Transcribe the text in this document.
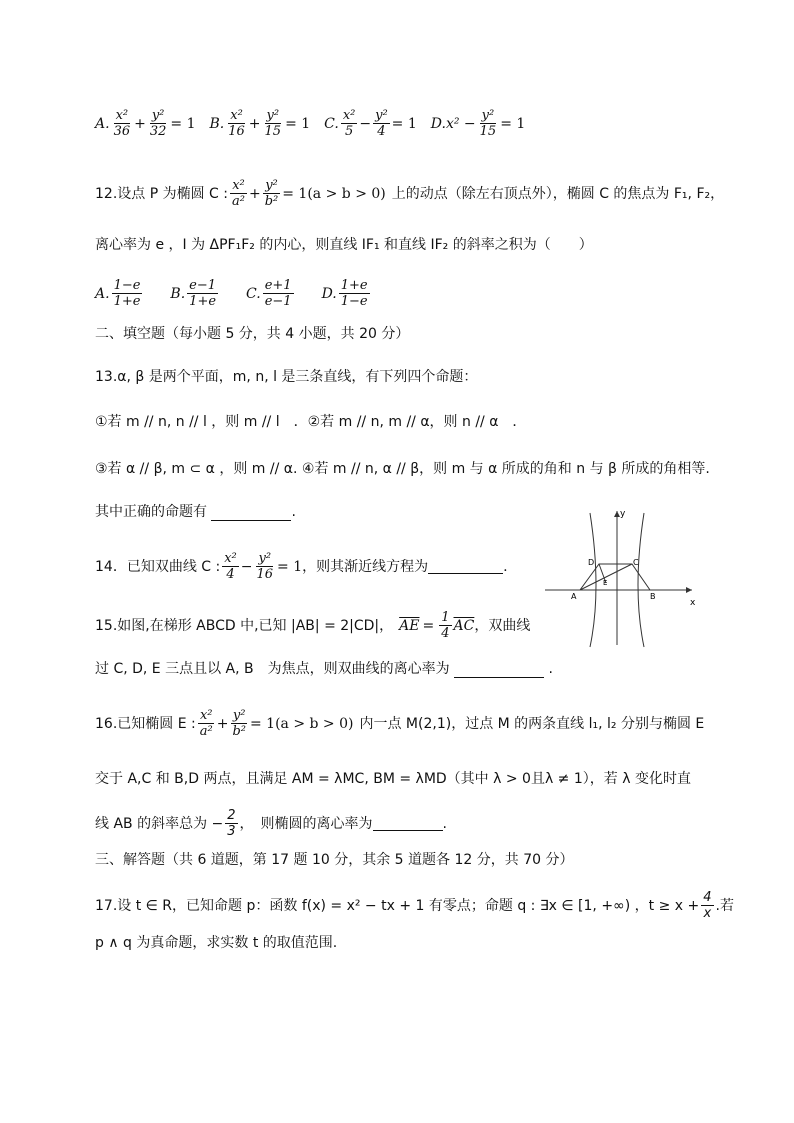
A. $\frac{\text{x²}}{36} + \frac{\text{y²}}{32} = 1$ B. $\frac{\text{x²}}{16} + \frac{\text{y²}}{15} = 1$ C. $\frac{\text{x²}}{5} - \frac{\text{y²}}{4} = 1$ D. $x^2 - \frac{\text{y²}}{15} = 1$
12.设点 P 为椭圆 C : $\frac{\text{x²}}{\text{a²}} + \frac{\text{y²}}{\text{b²}} = 1(a > b > 0)$ 上的动点（除左右顶点外），椭圆 C 的焦点为 F₁, F₂，
离心率为 e ，I 为 ΔPF₁F₂ 的内心，则直线 IF₁ 和直线 IF₂ 的斜率之积为（　　）
A. $\frac{1-e}{1+e} B$. $\frac{e-1}{1+e} C$. $\frac{e+1}{e-1} D$. $\frac{1+e}{1-e}$
二、填空题（每小题 5 分，共 4 小题，共 20 分）
13.α, β 是两个平面，m, n, l 是三条直线，有下列四个命题：
①若 m // n, n // l ，则 m // l　．②若 m // n, m // α，则 n // α　．
③若 α // β, m ⊂ α ，则 m // α. ④若 m // n, α // β，则 m 与 α 所成的角和 n 与 β 所成的角相等.
其中正确的命题有	.
14．已知双曲线 C : $\frac{\text{x²}}{4} - \frac{\text{y²}}{16} = 1$ ，则其渐近线方程为	.
15.如图,在梯形 ABCD 中,已知 |AB| = 2|CD|， $\overline{AE} = \frac{1}{4} \overline{AC}$ ，双曲线
过 C, D, E 三点且以 A, B　为焦点，则双曲线的离心率为	.
y
x
A	B
C
D
E
16.已知椭圆 E : $\frac{\text{x²}}{\text{a²}} + \frac{\text{y²}}{\text{b²}} = 1(a > b > 0)$ 内一点 M(2,1)，过点 M 的两条直线 l₁, l₂ 分别与椭圆 E
交于 A,C 和 B,D 两点，且满足 AM = λMC, BM = λMD（其中 λ > 0且λ ≠ 1），若 λ 变化时直
线 AB 的斜率总为 − $\frac{2}{3}$ ，　则椭圆的离心率为	.
三、解答题（共 6 道题，第 17 题 10 分，其余 5 道题各 12 分，共 70 分）
17.设 t ∈ R，已知命题 p：函数 f(x) = x² − tx + 1 有零点；命题 q : ∃x ∈ [1, +∞) ，$t \ge x + \frac{4}{x}$ .若
p ∧ q 为真命题，求实数 t 的取值范围.
